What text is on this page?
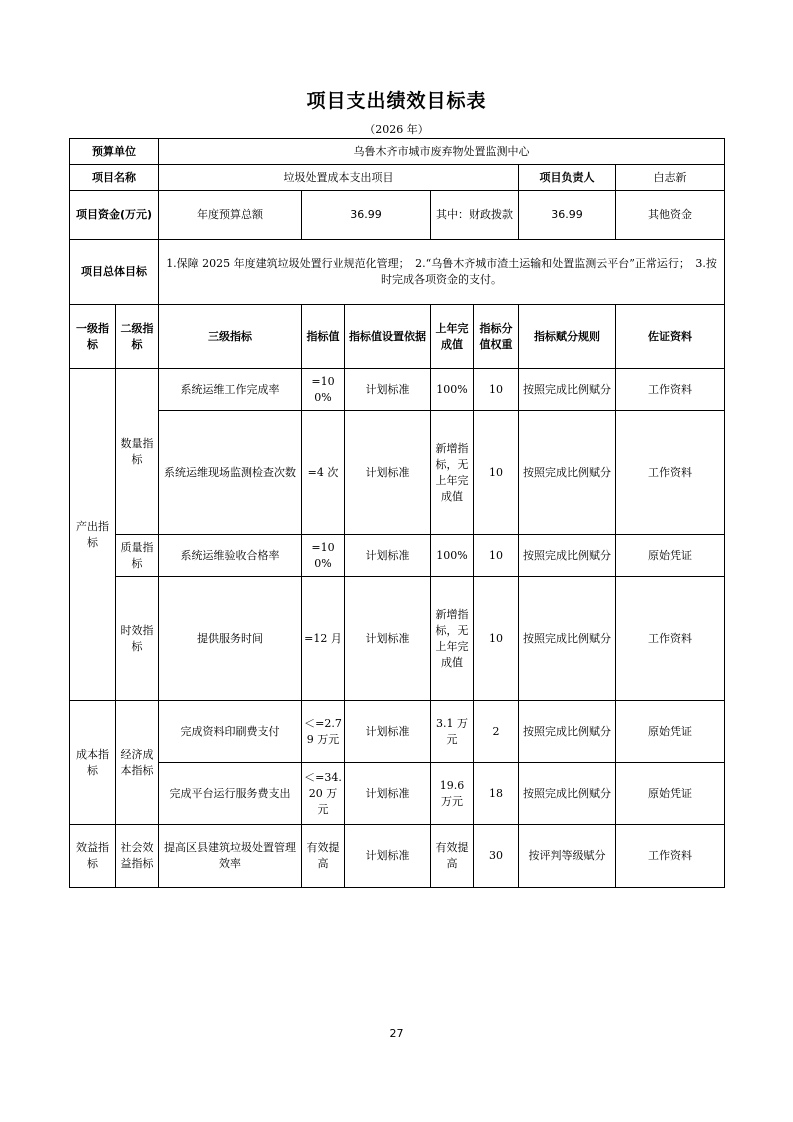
项目支出绩效目标表
（2026 年）
预算单位		乌鲁木齐市城市废弃物处置监测中心							
项目名称		垃圾处置成本支出项目					项目负责人	白志新	
项目资金(万元)		年度预算总额	36.99		其中：财政拨款		36.99	其他资金	
项目总体目标		1.保障 2025 年度建筑垃圾处置行业规范化管理；　2.“乌鲁木齐城市渣土运输和处置监测云平台”正常运行；　3.按时完成各项资金的支付。							
一级指标	二级指标	三级指标	指标值	指标值设置依据	上年完成值	指标分值权重	指标赋分规则	佐证资料	
产出指标	数量指标	系统运维工作完成率	=100%	计划标准	100%	10	按照完成比例赋分	工作资料	
		系统运维现场监测检查次数	=4 次	计划标准	新增指标，无上年完成值	10	按照完成比例赋分	工作资料	
	质量指标	系统运维验收合格率	=100%	计划标准	100%	10	按照完成比例赋分	原始凭证	
	时效指标	提供服务时间	=12 月	计划标准	新增指标，无上年完成值	10	按照完成比例赋分	工作资料	
成本指标	经济成本指标	完成资料印刷费支付	＜=2.79 万元	计划标准	3.1 万元	2	按照完成比例赋分	原始凭证	
		完成平台运行服务费支出	＜=34.20 万元	计划标准	19.6 万元	18	按照完成比例赋分	原始凭证	
效益指标	社会效益指标	提高区县建筑垃圾处置管理效率	有效提高	计划标准	有效提高	30	按评判等级赋分	工作资料	
27
